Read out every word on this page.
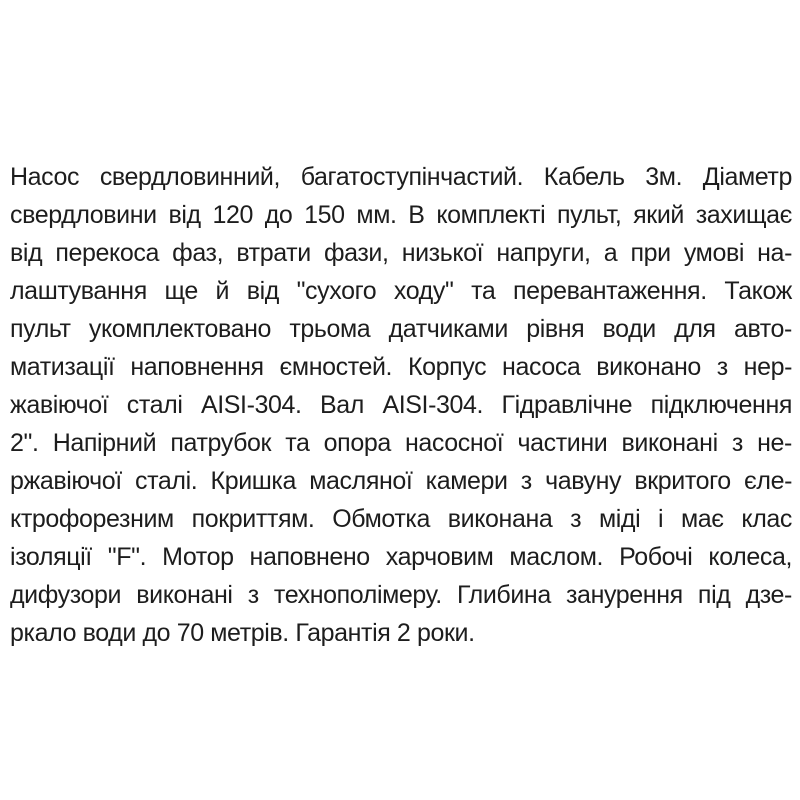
Насос свердловинний, багатоступінчастий. Кабель 3м. Діаметр
свердловини від 120 до 150 мм. В комплекті пульт, який захищає
від перекоса фаз, втрати фази, низької напруги, а при умові на-
лаштування ще й від "сухого ходу" та перевантаження. Також
пульт укомплектовано трьома датчиками рівня води для авто-
матизації наповнення ємностей. Корпус насоса виконано з нер-
жавіючої сталі AISI-304. Вал AISI-304. Гідравлічне підключення
2". Напірний патрубок та опора насосної частини виконані з не-
ржавіючої сталі. Кришка масляної камери з чавуну вкритого єле-
ктрофорезним покриттям. Обмотка виконана з міді і має клас
ізоляції "F". Мотор наповнено харчовим маслом. Робочі колеса,
дифузори виконані з технополімеру. Глибина занурення під дзе-
ркало води до 70 метрів. Гарантія 2 роки.
